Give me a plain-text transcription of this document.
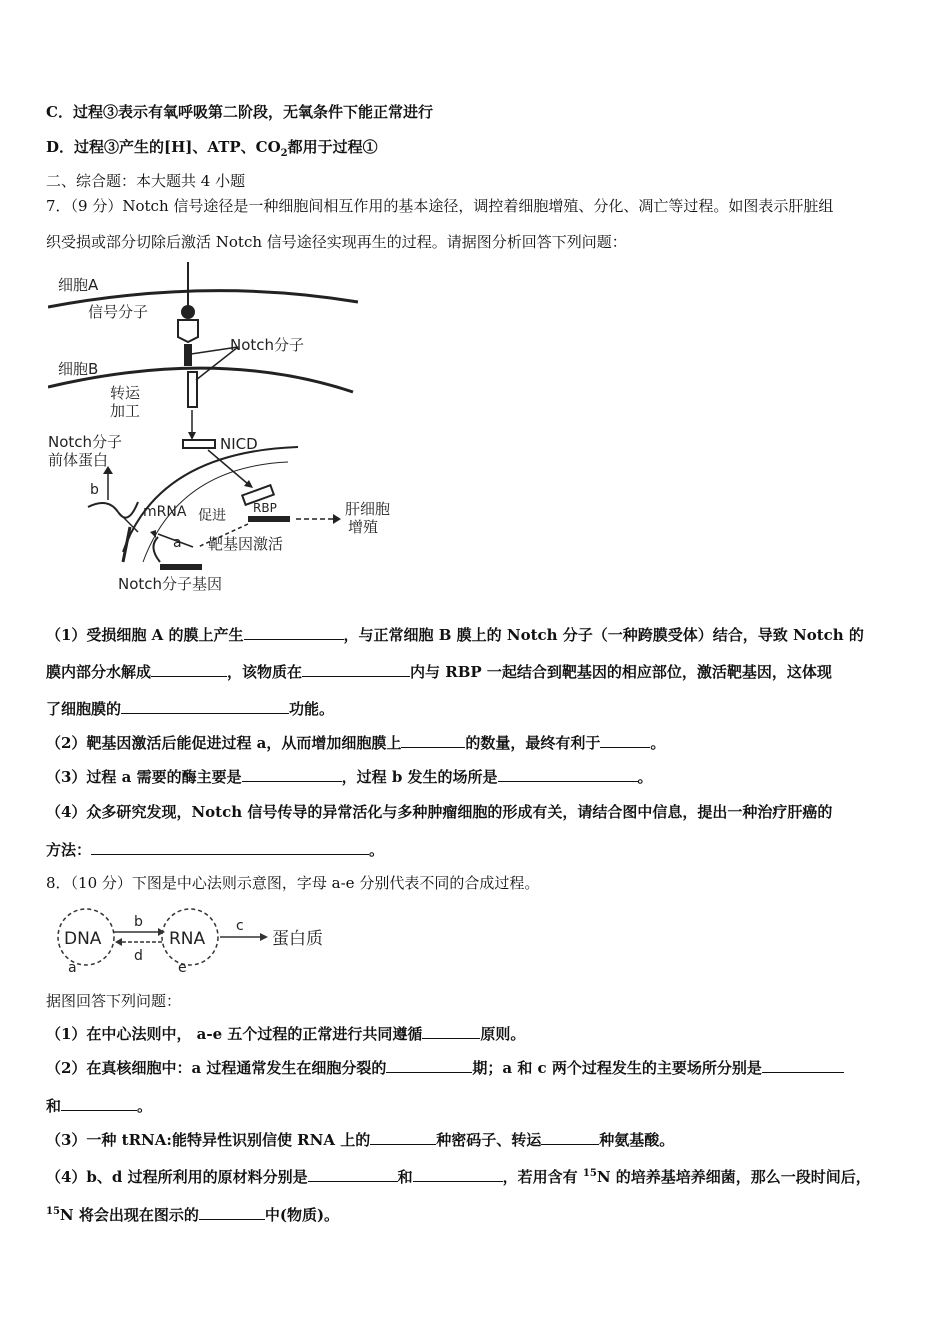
C．过程③表示有氧呼吸第二阶段，无氧条件下能正常进行
D．过程③产生的[H]、ATP、$CO_2$都用于过程①
二、综合题：本大题共 4 小题
7．（9 分）Notch 信号途径是一种细胞间相互作用的基本途径，调控着细胞增殖、分化、凋亡等过程。如图表示肝脏组
织受损或部分切除后激活 Notch 信号途径实现再生的过程。请据图分析回答下列问题：
细胞A
信号分子
Notch分子
细胞B
转运
加工
NICD
Notch分子
前体蛋白
b
mRNA 促进 RBP	肝细胞
增殖
a 靶基因激活
Notch分子基因
（1）受损细胞 A 的膜上产生	，与正常细胞 B 膜上的 Notch 分子（一种跨膜受体）结合，导致 Notch 的
膜内部分水解成	，该物质在	内与 RBP 一起结合到靶基因的相应部位，激活靶基因，这体现
了细胞膜的	功能。
（2）靶基因激活后能促进过程 a，从而增加细胞膜上	的数量，最终有利于	。
（3）过程 a 需要的酶主要是	，过程 b 发生的场所是	。
（4）众多研究发现，Notch 信号传导的异常活化与多种肿瘤细胞的形成有关，请结合图中信息，提出一种治疗肝癌的
方法：	。
8．（10 分）下图是中心法则示意图，字母 a-e 分别代表不同的合成过程。
DNA	RNA	蛋白质
b
d
c
a	e
据图回答下列问题：
（1）在中心法则中， a-e 五个过程的正常进行共同遵循	原则。
（2）在真核细胞中：a 过程通常发生在细胞分裂的	期；a 和 c 两个过程发生的主要场所分别是
和	。
（3）一种 tRNA:能特异性识别信使 RNA 上的	种密码子、转运	种氨基酸。
（4）b、d 过程所利用的原材料分别是	和	，若用含有 $^{15}$N 的培养基培养细菌，那么一段时间后，
$^{15}$N 将会出现在图示的	中(物质)。
